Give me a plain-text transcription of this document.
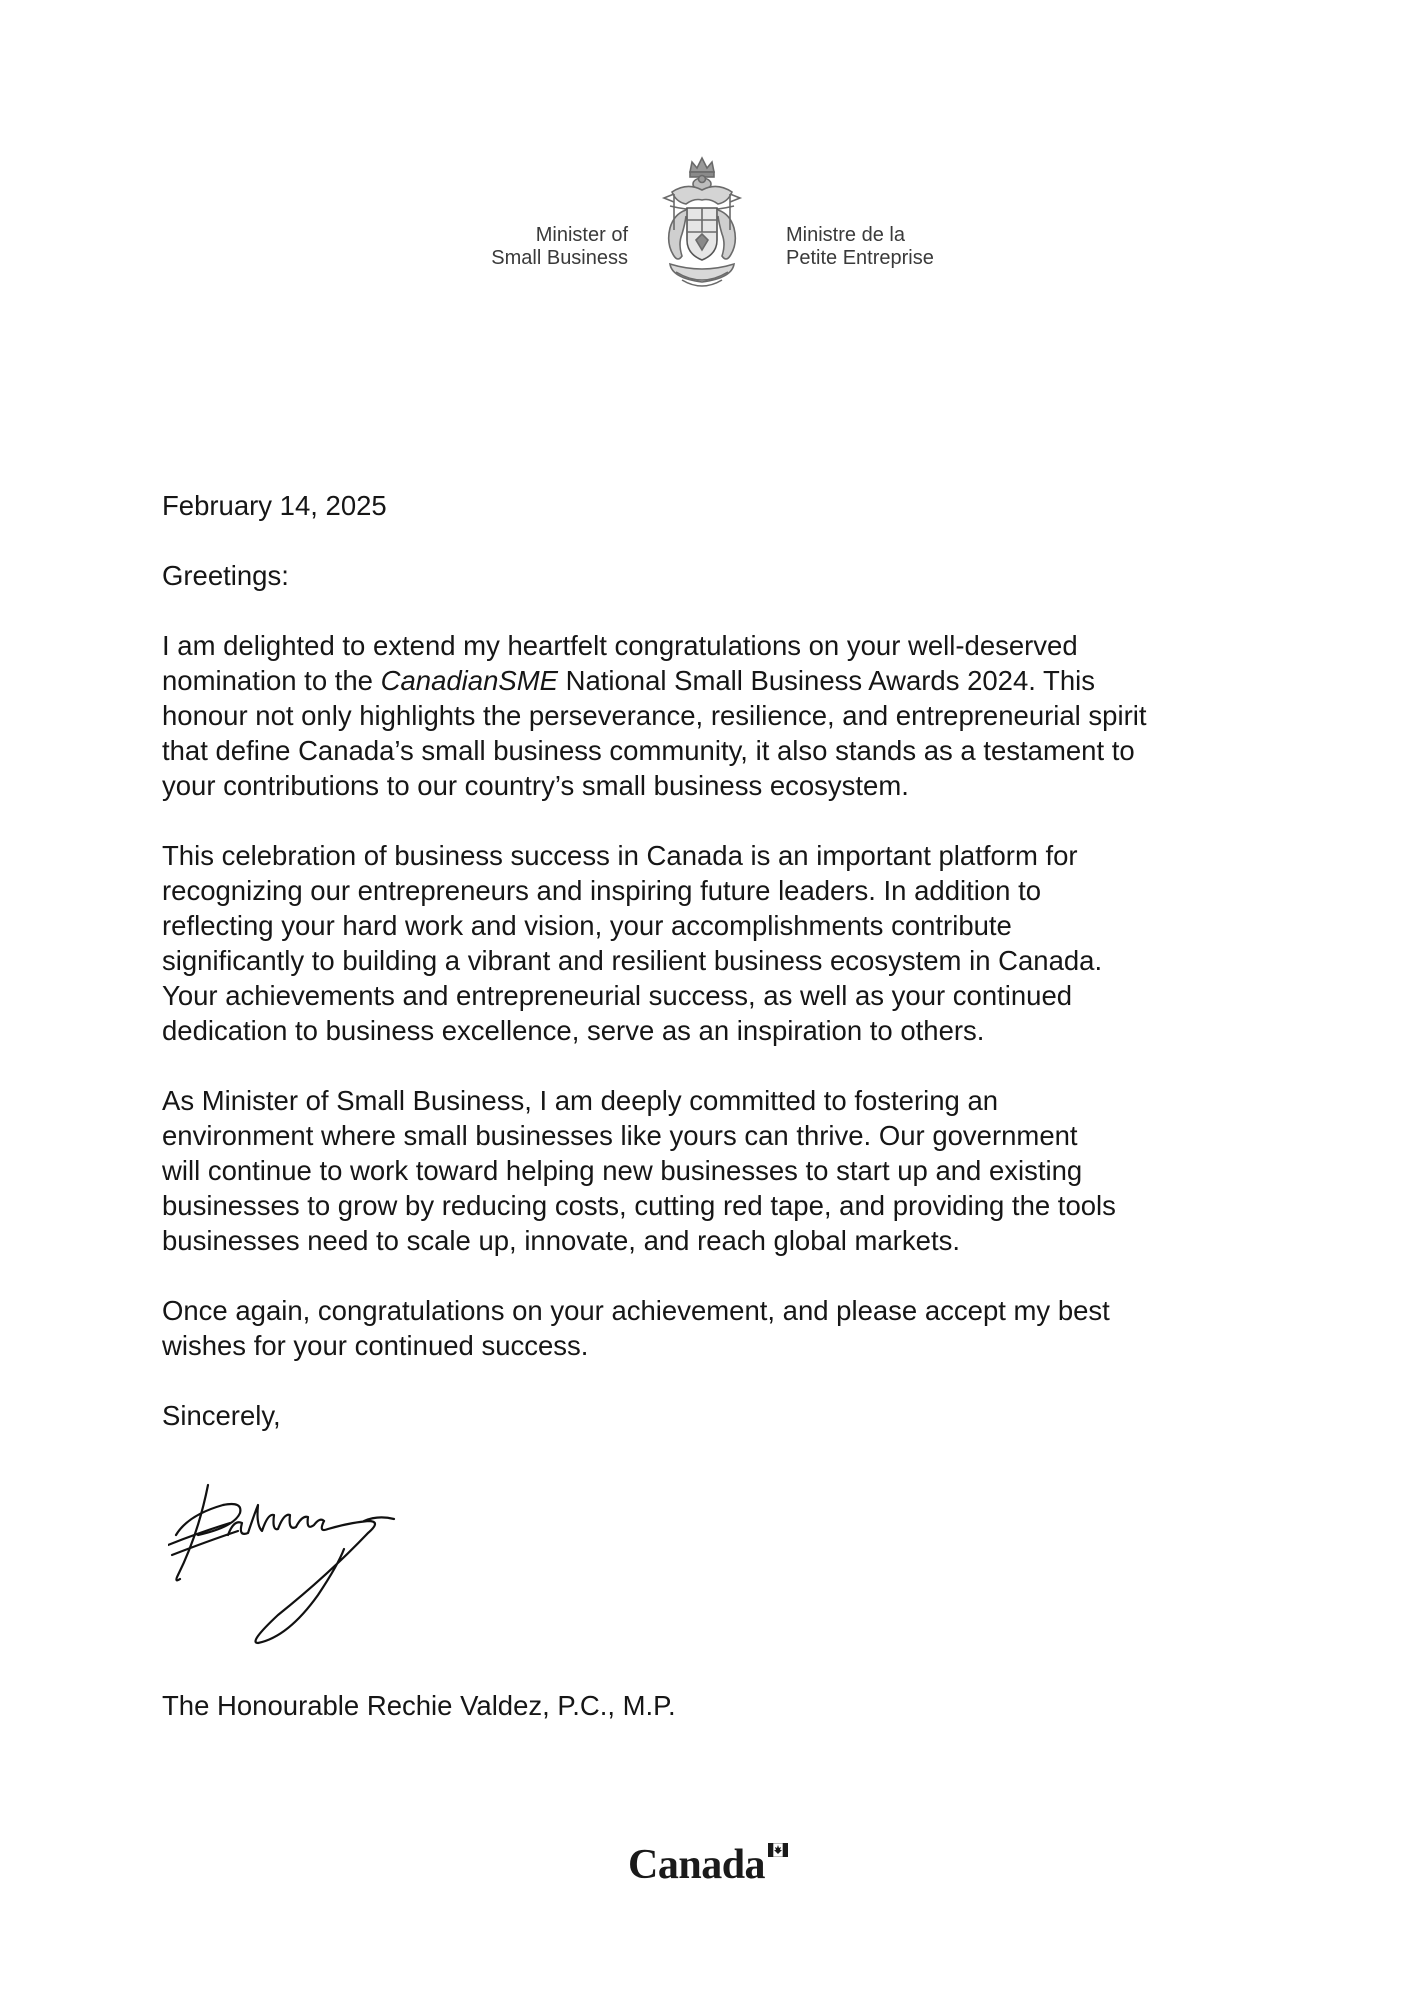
Minister of
Small Business
Ministre de la
Petite Entreprise

February 14, 2025

Greetings:

I am delighted to extend my heartfelt congratulations on your well-deserved
nomination to the CanadianSME National Small Business Awards 2024. This
honour not only highlights the perseverance, resilience, and entrepreneurial spirit
that define Canada’s small business community, it also stands as a testament to
your contributions to our country’s small business ecosystem.

This celebration of business success in Canada is an important platform for
recognizing our entrepreneurs and inspiring future leaders. In addition to
reflecting your hard work and vision, your accomplishments contribute
significantly to building a vibrant and resilient business ecosystem in Canada.
Your achievements and entrepreneurial success, as well as your continued
dedication to business excellence, serve as an inspiration to others.

As Minister of Small Business, I am deeply committed to fostering an
environment where small businesses like yours can thrive. Our government
will continue to work toward helping new businesses to start up and existing
businesses to grow by reducing costs, cutting red tape, and providing the tools
businesses need to scale up, innovate, and reach global markets.

Once again, congratulations on your achievement, and please accept my best
wishes for your continued success.

Sincerely,

The Honourable Rechie Valdez, P.C., M.P.
Canada
